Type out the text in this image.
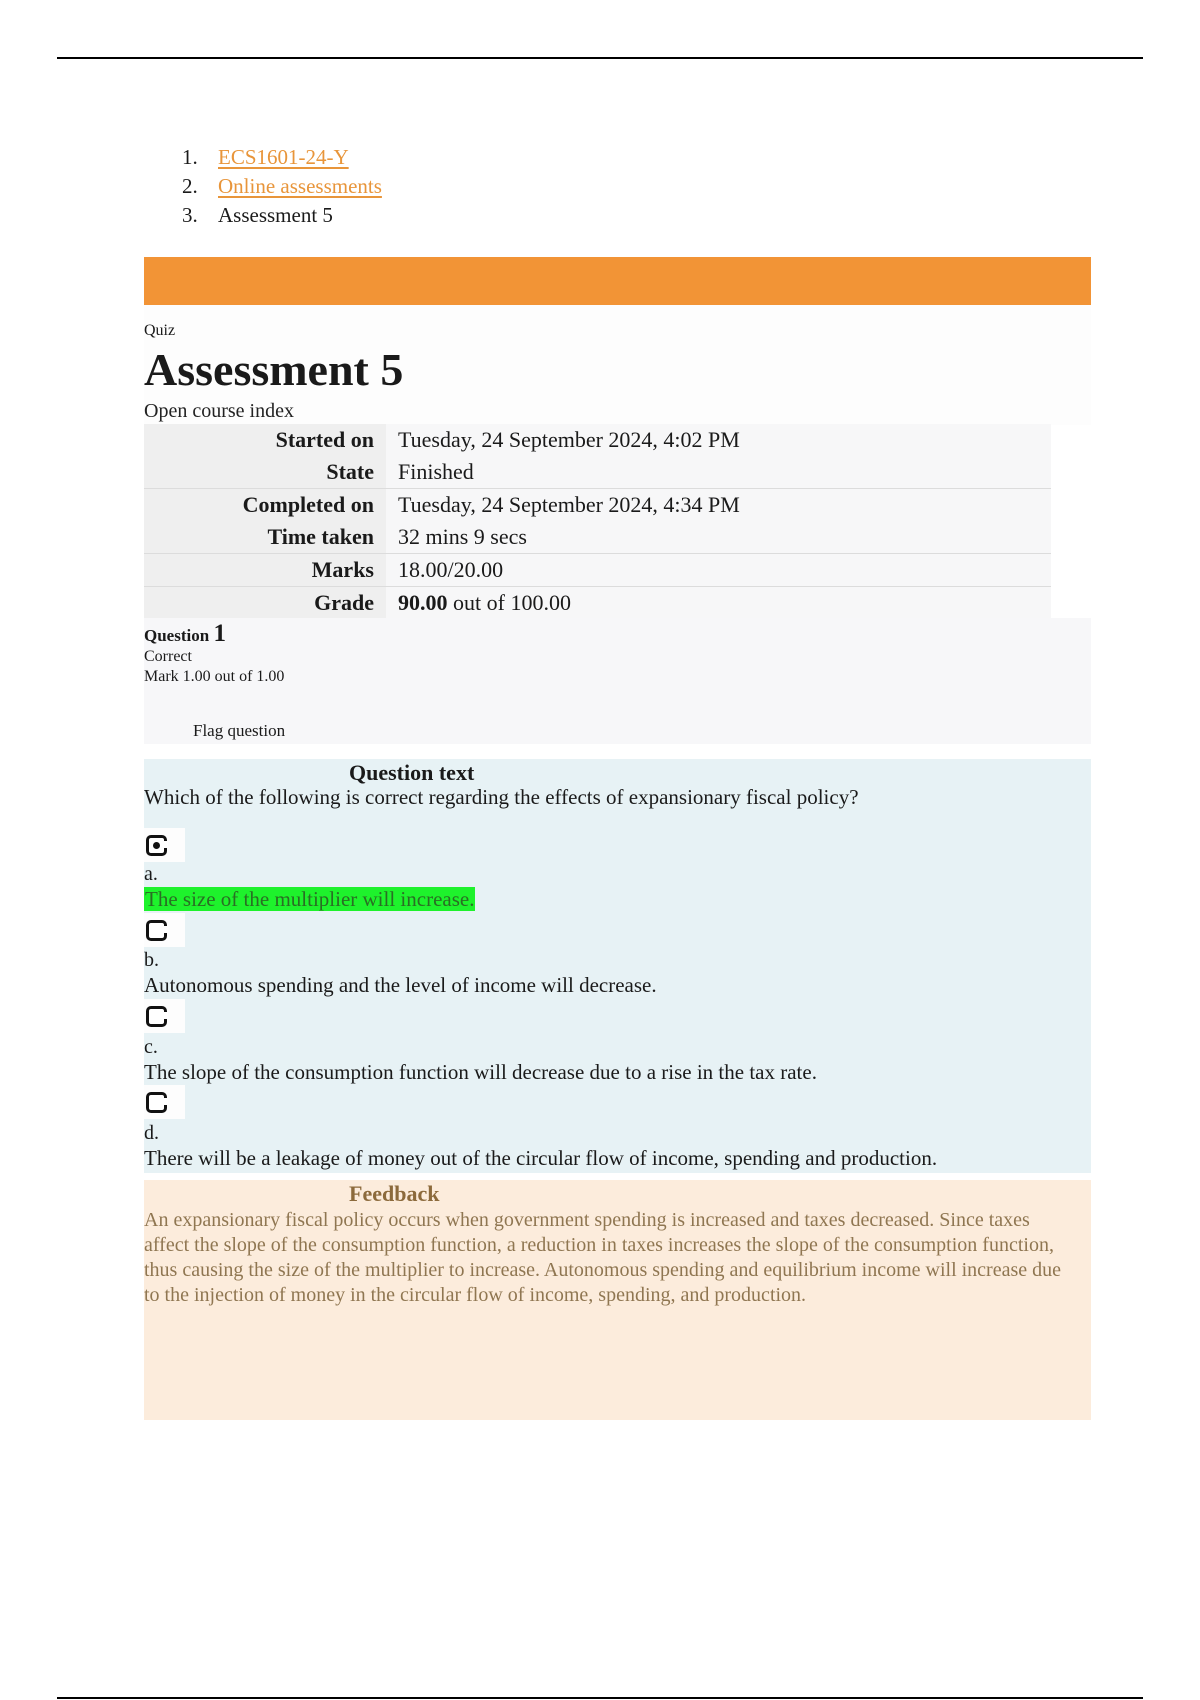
1. ECS1601-24-Y
2. Online assessments
3. Assessment 5
Quiz
Assessment 5
Open course index
Started on	Tuesday, 24 September 2024, 4:02 PM
State	Finished
Completed on	Tuesday, 24 September 2024, 4:34 PM
Time taken	32 mins 9 secs
Marks	18.00/20.00
Grade	90.00 out of 100.00
Question 1
Correct
Mark 1.00 out of 1.00
Flag question
Question text
Which of the following is correct regarding the effects of expansionary fiscal policy?
a.
The size of the multiplier will increase.
b.
Autonomous spending and the level of income will decrease.
c.
The slope of the consumption function will decrease due to a rise in the tax rate.
d.
There will be a leakage of money out of the circular flow of income, spending and production.
Feedback
An expansionary fiscal policy occurs when government spending is increased and taxes decreased. Since taxes affect the slope of the consumption function, a reduction in taxes increases the slope of the consumption function, thus causing the size of the multiplier to increase. Autonomous spending and equilibrium income will increase due to the injection of money in the circular flow of income, spending, and production.
